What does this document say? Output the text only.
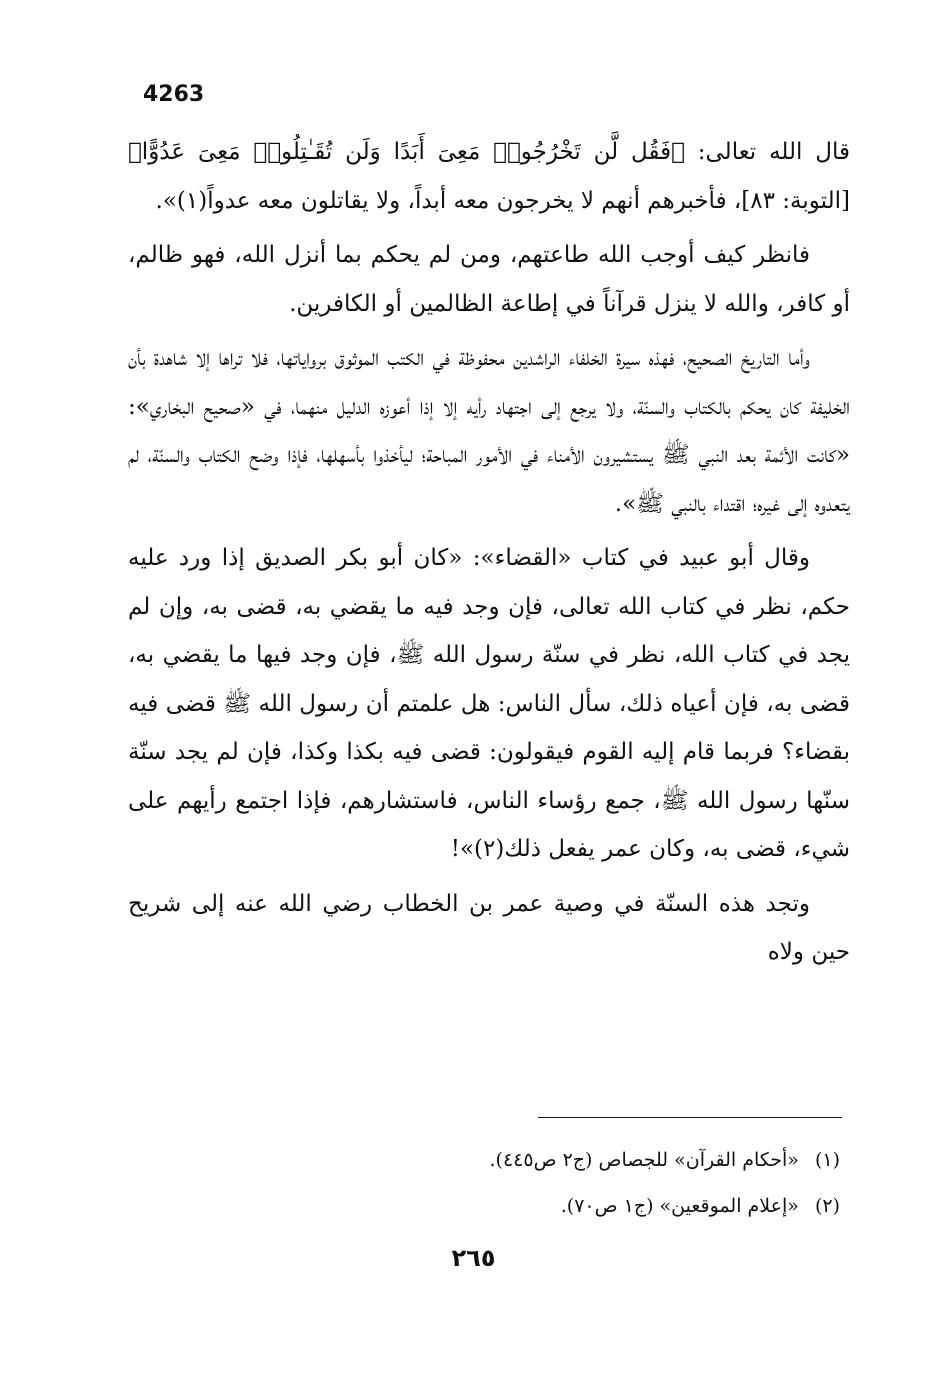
4263

قال الله تعالى: ﴿فَقُل لَّن تَخْرُجُوا۟ مَعِىَ أَبَدًا وَلَن تُقَـٰتِلُوا۟ مَعِىَ عَدُوًّا﴾[التوبة: ٨٣]، فأخبرهم أنهم لا يخرجون معه أبداً، ولا يقاتلون معه عدواً(١)».

فانظر كيف أوجب الله طاعتهم، ومن لم يحكم بما أنزل الله، فهو ظالم، أو كافر، والله لا ينزل قرآناً في إطاعة الظالمين أو الكافرين.

وأما التاريخ الصحيح، فهذه سيرة الخلفاء الراشدين محفوظة في الكتب الموثوق برواياتها، فلا تراها إلا شاهدة بأن الخليفة كان يحكم بالكتاب والسنّة، ولا يرجع إلى اجتهاد رأيه إلا إذا أعوزه الدليل منهما، في «صحيح البخاري»: «كانت الأئمة بعد النبي ﷺ يستشيرون الأمناء في الأمور المباحة؛ ليأخذوا بأسهلها، فإذا وضح الكتاب والسنّة، لم يتعدوه إلى غيره؛ اقتداء بالنبي ﷺ».

وقال أبو عبيد في كتاب «القضاء»: «كان أبو بكر الصديق إذا ورد عليه حكم، نظر في كتاب الله تعالى، فإن وجد فيه ما يقضي به، قضى به، وإن لم يجد في كتاب الله، نظر في سنّة رسول الله ﷺ، فإن وجد فيها ما يقضي به، قضى به، فإن أعياه ذلك، سأل الناس: هل علمتم أن رسول الله ﷺ قضى فيه بقضاء؟ فربما قام إليه القوم فيقولون: قضى فيه بكذا وكذا، فإن لم يجد سنّة سنّها رسول الله ﷺ، جمع رؤساء الناس، فاستشارهم، فإذا اجتمع رأيهم على شيء، قضى به، وكان عمر يفعل ذلك(٢)»!

وتجد هذه السنّة في وصية عمر بن الخطاب رضي الله عنه إلى شريح حين ولاه

(١) «أحكام القرآن» للجصاص (ج٢ ص٤٤٥).

(٢) «إعلام الموقعين» (ج١ ص٧٠).

٢٦٥
